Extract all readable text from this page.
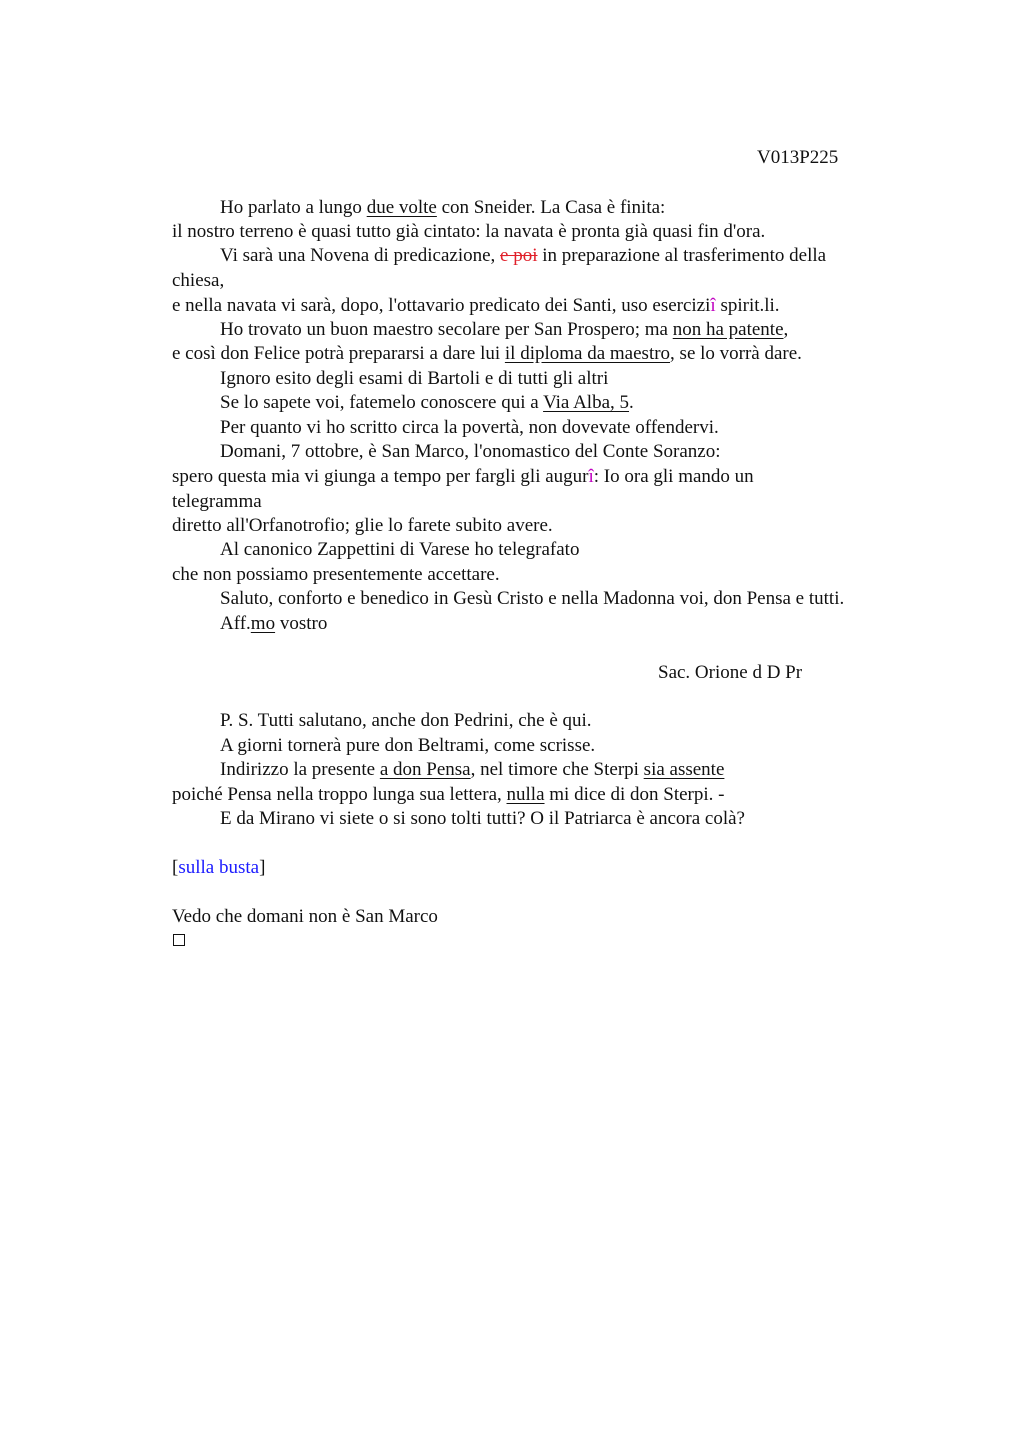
V013P225
Ho parlato a lungo due volte con Sneider. La Casa è finita:
il nostro terreno è quasi tutto già cintato: la navata è pronta già quasi fin d'ora.
Vi sarà una Novena di predicazione, e poi in preparazione al trasferimento della
chiesa,
e nella navata vi sarà, dopo, l'ottavario predicato dei Santi, uso eserciziî spirit.li.
Ho trovato un buon maestro secolare per San Prospero; ma non ha patente,
e così don Felice potrà prepararsi a dare lui il diploma da maestro, se lo vorrà dare.
Ignoro esito degli esami di Bartoli e di tutti gli altri
Se lo sapete voi, fatemelo conoscere qui a Via Alba, 5.
Per quanto vi ho scritto circa la povertà, non dovevate offendervi.
Domani, 7 ottobre, è San Marco, l'onomastico del Conte Soranzo:
spero questa mia vi giunga a tempo per fargli gli augurî: Io ora gli mando un
telegramma
diretto all'Orfanotrofio; glie lo farete subito avere.
Al canonico Zappettini di Varese ho telegrafato
che non possiamo presentemente accettare.
Saluto, conforto e benedico in Gesù Cristo e nella Madonna voi, don Pensa e tutti.
Aff.mo vostro
Sac. Orione d D Pr
P. S. Tutti salutano, anche don Pedrini, che è qui.
A giorni tornerà pure don Beltrami, come scrisse.
Indirizzo la presente a don Pensa, nel timore che Sterpi sia assente
poiché Pensa nella troppo lunga sua lettera, nulla mi dice di don Sterpi. -
E da Mirano vi siete o si sono tolti tutti? O il Patriarca è ancora colà?
[sulla busta]
Vedo che domani non è San Marco
